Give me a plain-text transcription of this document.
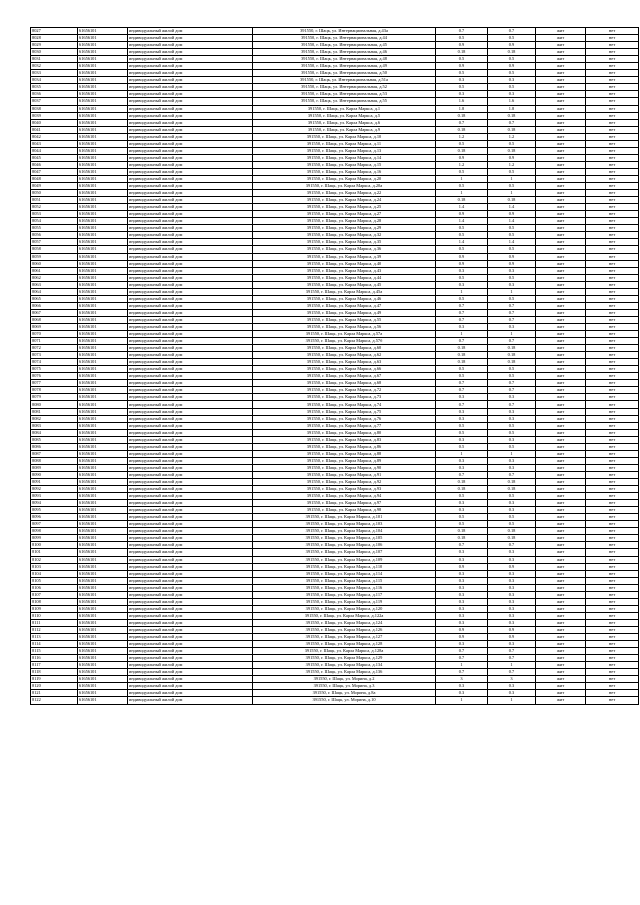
8027	61656101	индивидуальный жилой дом	391550, г. Шацк, ул. Интернациональная, д.43а	0.7	0.7	жит	нет
8028	61656101	индивидуальный жилой дом	391550, г. Шацк, ул. Интернациональная, д.44	0.5	0.5	жит	нет
8029	61656101	индивидуальный жилой дом	391550, г. Шацк, ул. Интернациональная, д.45	0.9	0.9	жит	нет
8030	61656101	индивидуальный жилой дом	391550, г. Шацк, ул. Интернациональная, д.46	0.18	0.18	жит	нет
8031	61656101	индивидуальный жилой дом	391550, г. Шацк, ул. Интернациональная, д.48	0.5	0.5	жит	нет
8032	61656101	индивидуальный жилой дом	391550, г. Шацк, ул. Интернациональная, д.49	0.9	0.9	жит	нет
8033	61656101	индивидуальный жилой дом	391550, г. Шацк, ул. Интернациональная, д.50	0.5	0.5	жит	нет
8034	61656101	индивидуальный жилой дом	391550, г. Шацк, ул. Интернациональная, д.51а	0.3	0.3	жит	нет
8035	61656101	индивидуальный жилой дом	391550, г. Шацк, ул. Интернациональная, д.52	0.5	0.5	жит	нет
8036	61656101	индивидуальный жилой дом	391550, г. Шацк, ул. Интернациональная, д.53	0.3	0.3	жит	нет
8037	61656101	индивидуальный жилой дом	391550, г. Шацк, ул. Интернациональная, д.55	1.6	1.6	жит	нет
8038	61656101	индивидуальный жилой дом	391550, г. Шацк, ул. Карла Маркса, д.1	1.8	1.8	жит	нет
8039	61656101	индивидуальный жилой дом	391550, г. Шацк, ул. Карла Маркса, д.5	0.18	0.18	жит	нет
8040	61656101	индивидуальный жилой дом	391550, г. Шацк, ул. Карла Маркса, д.6	0.7	0.7	жит	нет
8041	61656101	индивидуальный жилой дом	391550, г. Шацк, ул. Карла Маркса, д.9	0.18	0.18	жит	нет
8042	61656101	индивидуальный жилой дом	391550, г. Шацк, ул. Карла Маркса, д.10	1.2	1.2	жит	нет
8043	61656101	индивидуальный жилой дом	391550, г. Шацк, ул. Карла Маркса, д.11	0.5	0.5	жит	нет
8044	61656101	индивидуальный жилой дом	391550, г. Шацк, ул. Карла Маркса, д.13	0.18	0.18	жит	нет
8045	61656101	индивидуальный жилой дом	391550, г. Шацк, ул. Карла Маркса, д.14	0.9	0.9	жит	нет
8046	61656101	индивидуальный жилой дом	391550, г. Шацк, ул. Карла Маркса, д.15	1.2	1.2	жит	нет
8047	61656101	индивидуальный жилой дом	391550, г. Шацк, ул. Карла Маркса, д.16	0.5	0.5	жит	нет
8048	61656101	индивидуальный жилой дом	391550, г. Шацк, ул. Карла Маркса, д.20	1	1	жит	нет
8049	61656101	индивидуальный жилой дом	391550, г. Шацк, ул. Карла Маркса, д.20а	0.5	0.5	жит	нет
8050	61656101	индивидуальный жилой дом	391550, г. Шацк, ул. Карла Маркса, д.22	1	1	жит	нет
8051	61656101	индивидуальный жилой дом	391550, г. Шацк, ул. Карла Маркса, д.24	0.18	0.18	жит	нет
8052	61656101	индивидуальный жилой дом	391550, г. Шацк, ул. Карла Маркса, д.25	1.4	1.4	жит	нет
8053	61656101	индивидуальный жилой дом	391550, г. Шацк, ул. Карла Маркса, д.27	0.9	0.9	жит	нет
8054	61656101	индивидуальный жилой дом	391550, г. Шацк, ул. Карла Маркса, д.28	1.4	1.4	жит	нет
8055	61656101	индивидуальный жилой дом	391550, г. Шацк, ул. Карла Маркса, д.29	0.5	0.5	жит	нет
8056	61656101	индивидуальный жилой дом	391550, г. Шацк, ул. Карла Маркса, д.32	0.5	0.5	жит	нет
8057	61656101	индивидуальный жилой дом	391550, г. Шацк, ул. Карла Маркса, д.35	1.4	1.4	жит	нет
8058	61656101	индивидуальный жилой дом	391550, г. Шацк, ул. Карла Маркса, д.36	0.5	0.5	жит	нет
8059	61656101	индивидуальный жилой дом	391550, г. Шацк, ул. Карла Маркса, д.39	0.9	0.9	жит	нет
8060	61656101	индивидуальный жилой дом	391550, г. Шацк, ул. Карла Маркса, д.40	0.9	0.9	жит	нет
8061	61656101	индивидуальный жилой дом	391550, г. Шацк, ул. Карла Маркса, д.43	0.3	0.3	жит	нет
8062	61656101	индивидуальный жилой дом	391550, г. Шацк, ул. Карла Маркса, д.44	0.5	0.5	жит	нет
8063	61656101	индивидуальный жилой дом	391550, г. Шацк, ул. Карла Маркса, д.45	0.3	0.3	жит	нет
8064	61656101	индивидуальный жилой дом	391550, г. Шацк, ул. Карла Маркса, д.45а	1	1	жит	нет
8065	61656101	индивидуальный жилой дом	391550, г. Шацк, ул. Карла Маркса, д.46	0.5	0.5	жит	нет
8066	61656101	индивидуальный жилой дом	391550, г. Шацк, ул. Карла Маркса, д.47	0.7	0.7	жит	нет
8067	61656101	индивидуальный жилой дом	391550, г. Шацк, ул. Карла Маркса, д.49	0.7	0.7	жит	нет
8068	61656101	индивидуальный жилой дом	391550, г. Шацк, ул. Карла Маркса, д.55	0.7	0.7	жит	нет
8069	61656101	индивидуальный жилой дом	391550, г. Шацк, ул. Карла Маркса, д.56	0.3	0.3	жит	нет
8070	61656101	индивидуальный жилой дом	391550, г. Шацк, ул. Карла Маркса, д.57а	1	1	жит	нет
8071	61656101	индивидуальный жилой дом	391550, г. Шацк, ул. Карла Маркса, д.57б	0.7	0.7	жит	нет
8072	61656101	индивидуальный жилой дом	391550, г. Шацк, ул. Карла Маркса, д.60	0.18	0.18	жит	нет
8073	61656101	индивидуальный жилой дом	391550, г. Шацк, ул. Карла Маркса, д.62	0.18	0.18	жит	нет
8074	61656101	индивидуальный жилой дом	391550, г. Шацк, ул. Карла Маркса, д.63	0.18	0.18	жит	нет
8075	61656101	индивидуальный жилой дом	391550, г. Шацк, ул. Карла Маркса, д.66	0.5	0.5	жит	нет
8076	61656101	индивидуальный жилой дом	391550, г. Шацк, ул. Карла Маркса, д.67	0.5	0.5	жит	нет
8077	61656101	индивидуальный жилой дом	391550, г. Шацк, ул. Карла Маркса, д.68	0.7	0.7	жит	нет
8078	61656101	индивидуальный жилой дом	391550, г. Шацк, ул. Карла Маркса, д.72	0.7	0.7	жит	нет
8079	61656101	индивидуальный жилой дом	391550, г. Шацк, ул. Карла Маркса, д.73	0.3	0.3	жит	нет
8080	61656101	индивидуальный жилой дом	391550, г. Шацк, ул. Карла Маркса, д.74	0.7	0.7	жит	нет
8081	61656101	индивидуальный жилой дом	391550, г. Шацк, ул. Карла Маркса, д.75	0.3	0.3	жит	нет
8082	61656101	индивидуальный жилой дом	391550, г. Шацк, ул. Карла Маркса, д.76	0.3	0.3	жит	нет
8083	61656101	индивидуальный жилой дом	391550, г. Шацк, ул. Карла Маркса, д.77	0.5	0.5	жит	нет
8084	61656101	индивидуальный жилой дом	391550, г. Шацк, ул. Карла Маркса, д.80	0.5	0.5	жит	нет
8085	61656101	индивидуальный жилой дом	391550, г. Шацк, ул. Карла Маркса, д.83	0.3	0.3	жит	нет
8086	61656101	индивидуальный жилой дом	391550, г. Шацк, ул. Карла Маркса, д.86	0.5	0.5	жит	нет
8087	61656101	индивидуальный жилой дом	391550, г. Шацк, ул. Карла Маркса, д.88	1	1	жит	нет
8088	61656101	индивидуальный жилой дом	391550, г. Шацк, ул. Карла Маркса, д.89	0.3	0.3	жит	нет
8089	61656101	индивидуальный жилой дом	391550, г. Шацк, ул. Карла Маркса, д.90	0.3	0.3	жит	нет
8090	61656101	индивидуальный жилой дом	391550, г. Шацк, ул. Карла Маркса, д.91	0.7	0.7	жит	нет
8091	61656101	индивидуальный жилой дом	391550, г. Шацк, ул. Карла Маркса, д.92	0.18	0.18	жит	нет
8092	61656101	индивидуальный жилой дом	391550, г. Шацк, ул. Карла Маркса, д.93	0.18	0.18	жит	нет
8093	61656101	индивидуальный жилой дом	391550, г. Шацк, ул. Карла Маркса, д.94	0.5	0.5	жит	нет
8094	61656101	индивидуальный жилой дом	391550, г. Шацк, ул. Карла Маркса, д.97	0.3	0.3	жит	нет
8095	61656101	индивидуальный жилой дом	391550, г. Шацк, ул. Карла Маркса, д.98	0.3	0.3	жит	нет
8096	61656101	индивидуальный жилой дом	391550, г. Шацк, ул. Карла Маркса, д.101	0.5	0.5	жит	нет
8097	61656101	индивидуальный жилой дом	391550, г. Шацк, ул. Карла Маркса, д.103	0.5	0.5	жит	нет
8098	61656101	индивидуальный жилой дом	391550, г. Шацк, ул. Карла Маркса, д.104	0.18	0.18	жит	нет
8099	61656101	индивидуальный жилой дом	391550, г. Шацк, ул. Карла Маркса, д.105	0.18	0.18	жит	нет
8100	61656101	индивидуальный жилой дом	391550, г. Шацк, ул. Карла Маркса, д.106	0.7	0.7	жит	нет
8101	61656101	индивидуальный жилой дом	391550, г. Шацк, ул. Карла Маркса, д.107	0.3	0.3	жит	нет
8102	61656101	индивидуальный жилой дом	391550, г. Шацк, ул. Карла Маркса, д.109	0.3	0.3	жит	нет
8103	61656101	индивидуальный жилой дом	391550, г. Шацк, ул. Карла Маркса, д.110	0.9	0.9	жит	нет
8104	61656101	индивидуальный жилой дом	391550, г. Шацк, ул. Карла Маркса, д.114	0.3	0.3	жит	нет
8105	61656101	индивидуальный жилой дом	391550, г. Шацк, ул. Карла Маркса, д.115	0.3	0.3	жит	нет
8106	61656101	индивидуальный жилой дом	391550, г. Шацк, ул. Карла Маркса, д.116	0.3	0.3	жит	нет
8107	61656101	индивидуальный жилой дом	391550, г. Шацк, ул. Карла Маркса, д.117	0.3	0.3	жит	нет
8108	61656101	индивидуальный жилой дом	391550, г. Шацк, ул. Карла Маркса, д.119	0.3	0.3	жит	нет
8109	61656101	индивидуальный жилой дом	391550, г. Шацк, ул. Карла Маркса, д.120	0.3	0.3	жит	нет
8110	61656101	индивидуальный жилой дом	391550, г. Шацк, ул. Карла Маркса, д.122а	0.3	0.3	жит	нет
8111	61656101	индивидуальный жилой дом	391550, г. Шацк, ул. Карла Маркса, д.124	0.3	0.3	жит	нет
8112	61656101	индивидуальный жилой дом	391550, г. Шацк, ул. Карла Маркса, д.126	0.9	0.9	жит	нет
8113	61656101	индивидуальный жилой дом	391550, г. Шацк, ул. Карла Маркса, д.127	0.9	0.9	жит	нет
8114	61656101	индивидуальный жилой дом	391550, г. Шацк, ул. Карла Маркса, д.128	0.3	0.3	жит	нет
8115	61656101	индивидуальный жилой дом	391550, г. Шацк, ул. Карла Маркса, д.128а	0.7	0.7	жит	нет
8116	61656101	индивидуальный жилой дом	391550, г. Шацк, ул. Карла Маркса, д.129	0.7	0.7	жит	нет
8117	61656101	индивидуальный жилой дом	391550, г. Шацк, ул. Карла Маркса, д.134	1	1	жит	нет
8118	61656101	индивидуальный жилой дом	391550, г. Шацк, ул. Карла Маркса, д.136	0.7	0.7	жит	нет
8119	61656101	индивидуальный жилой дом	391550, г. Шацк, ул. Морина, д.2	3	3	жит	нет
8120	61656101	индивидуальный жилой дом	391550, г. Шацк, ул. Морина, д.3	0.3	0.3	жит	нет
8121	61656101	индивидуальный жилой дом	391550, г. Шацк, ул. Морина, д.8а	0.3	0.3	жит	нет
8122	61656101	индивидуальный жилой дом	391550, г. Шацк, ул. Морина, д.10	1	1	жит	нет
